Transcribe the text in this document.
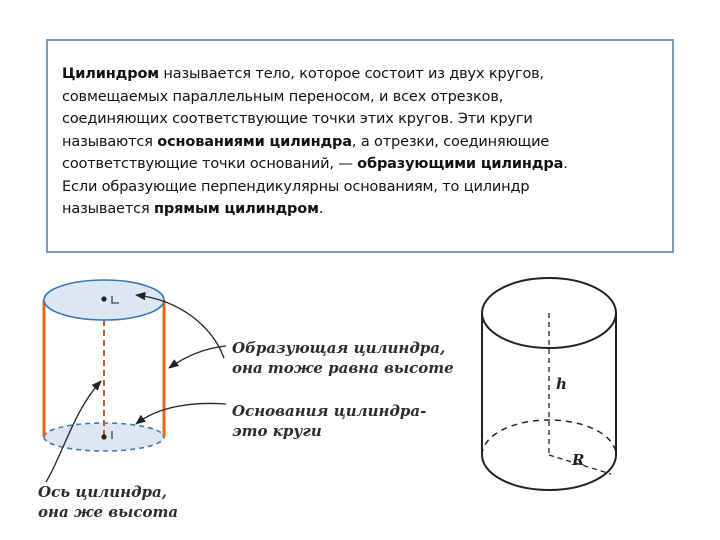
Цилиндром называется тело, которое состоит из двух кругов,
совмещаемых параллельным переносом, и всех отрезков,
соединяющих соответствующие точки этих кругов. Эти круги
называются основаниями цилиндра, а отрезки, соединяющие
соответствующие точки оснований, — образующими цилиндра.
Если образующие перпендикулярны основаниям, то цилиндр
называется прямым цилиндром.

h
R
Образующая цилиндра,
она тоже равна высоте
Основания цилиндра-
это круги
Ось цилиндра,
она же высота
